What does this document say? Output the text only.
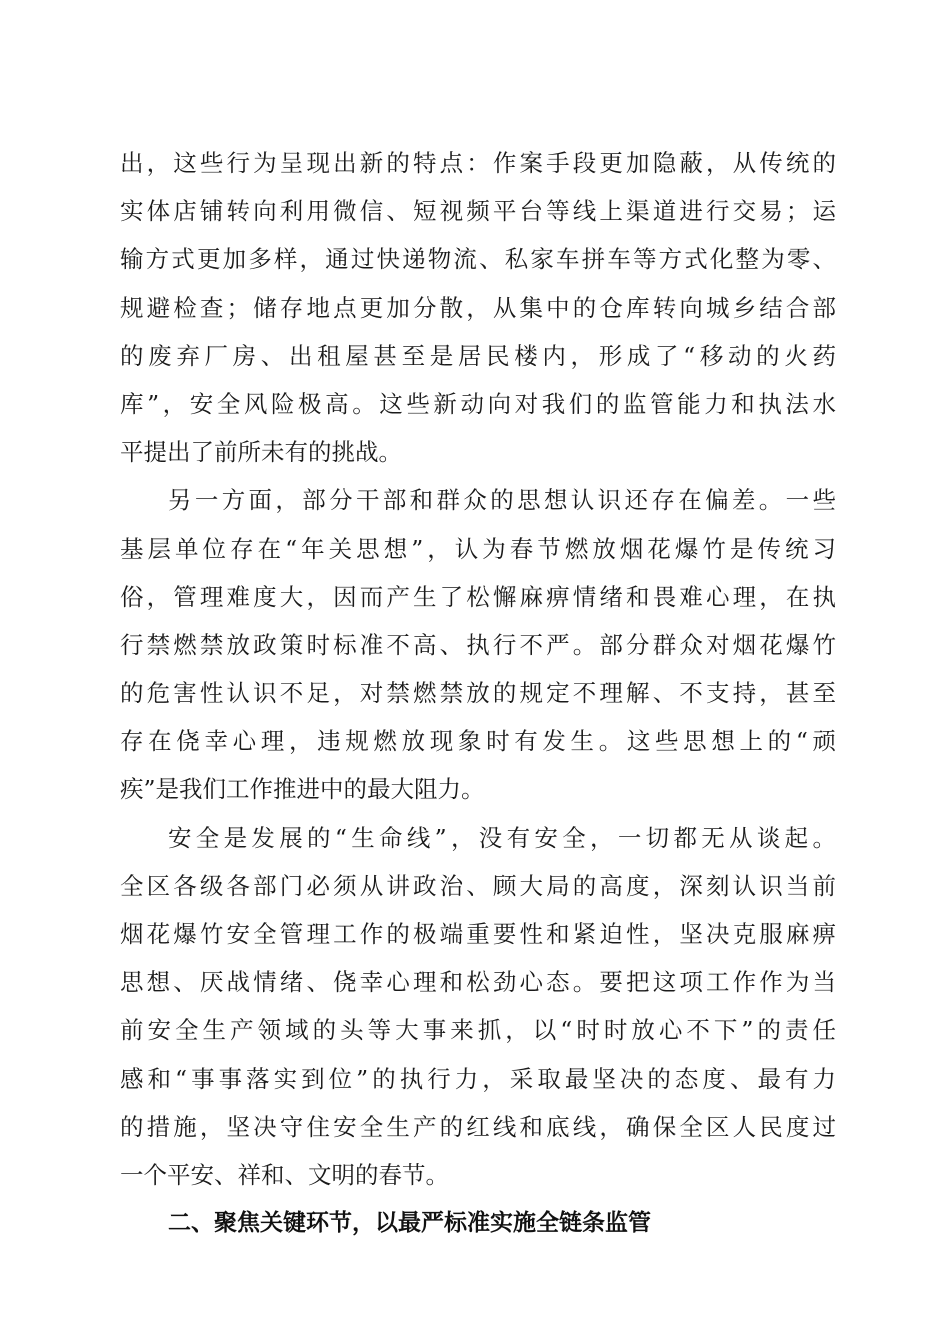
出，这些行为呈现出新的特点：作案手段更加隐蔽，从传统的
实体店铺转向利用微信、短视频平台等线上渠道进行交易；运
输方式更加多样，通过快递物流、私家车拼车等方式化整为零、
规避检查；储存地点更加分散，从集中的仓库转向城乡结合部
的废弃厂房、出租屋甚至是居民楼内，形成了“移动的火药
库”，安全风险极高。这些新动向对我们的监管能力和执法水
平提出了前所未有的挑战。
另一方面，部分干部和群众的思想认识还存在偏差。一些
基层单位存在“年关思想”，认为春节燃放烟花爆竹是传统习
俗，管理难度大，因而产生了松懈麻痹情绪和畏难心理，在执
行禁燃禁放政策时标准不高、执行不严。部分群众对烟花爆竹
的危害性认识不足，对禁燃禁放的规定不理解、不支持，甚至
存在侥幸心理，违规燃放现象时有发生。这些思想上的“顽
疾”是我们工作推进中的最大阻力。
安全是发展的“生命线”，没有安全，一切都无从谈起。
全区各级各部门必须从讲政治、顾大局的高度，深刻认识当前
烟花爆竹安全管理工作的极端重要性和紧迫性，坚决克服麻痹
思想、厌战情绪、侥幸心理和松劲心态。要把这项工作作为当
前安全生产领域的头等大事来抓，以“时时放心不下”的责任
感和“事事落实到位”的执行力，采取最坚决的态度、最有力
的措施，坚决守住安全生产的红线和底线，确保全区人民度过
一个平安、祥和、文明的春节。
二、聚焦关键环节，以最严标准实施全链条监管
